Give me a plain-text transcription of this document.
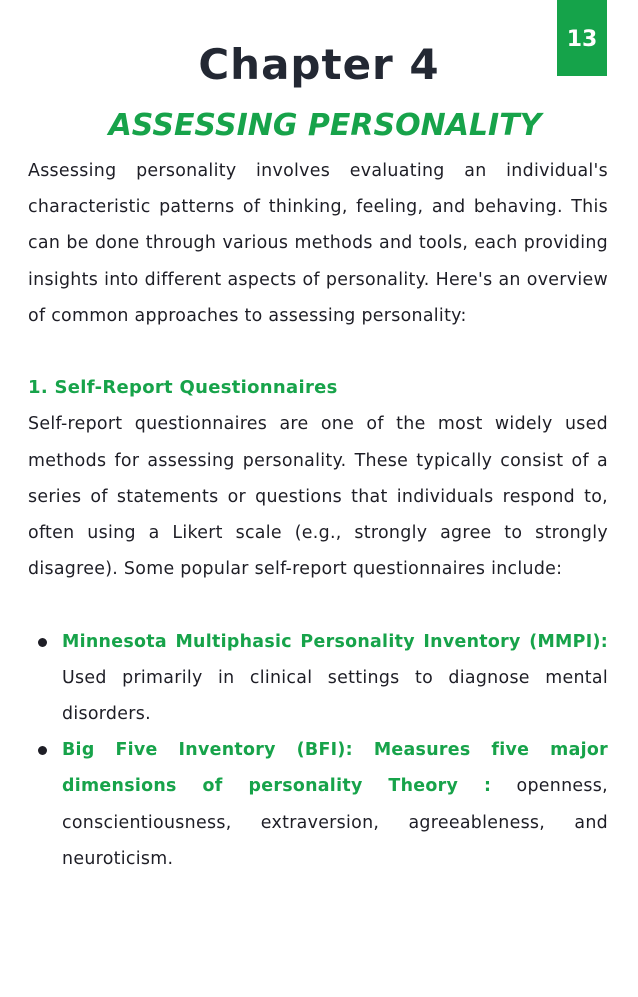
13
Chapter 4
ASSESSING PERSONALITY

Assessing personality involves evaluating an individual's characteristic patterns of thinking, feeling, and behaving. This can be done through various methods and tools, each providing insights into different aspects of personality. Here's an overview of common approaches to assessing personality:

1. Self-Report Questionnaires

Self-report questionnaires are one of the most widely used methods for assessing personality. These typically consist of a series of statements or questions that individuals respond to, often using a Likert scale (e.g., strongly agree to strongly disagree). Some popular self-report questionnaires include:

Minnesota Multiphasic Personality Inventory (MMPI): Used primarily in clinical settings to diagnose mental disorders.
Big Five Inventory (BFI): Measures five major dimensions of personality Theory : openness, conscientiousness, extraversion, agreeableness, and neuroticism.
